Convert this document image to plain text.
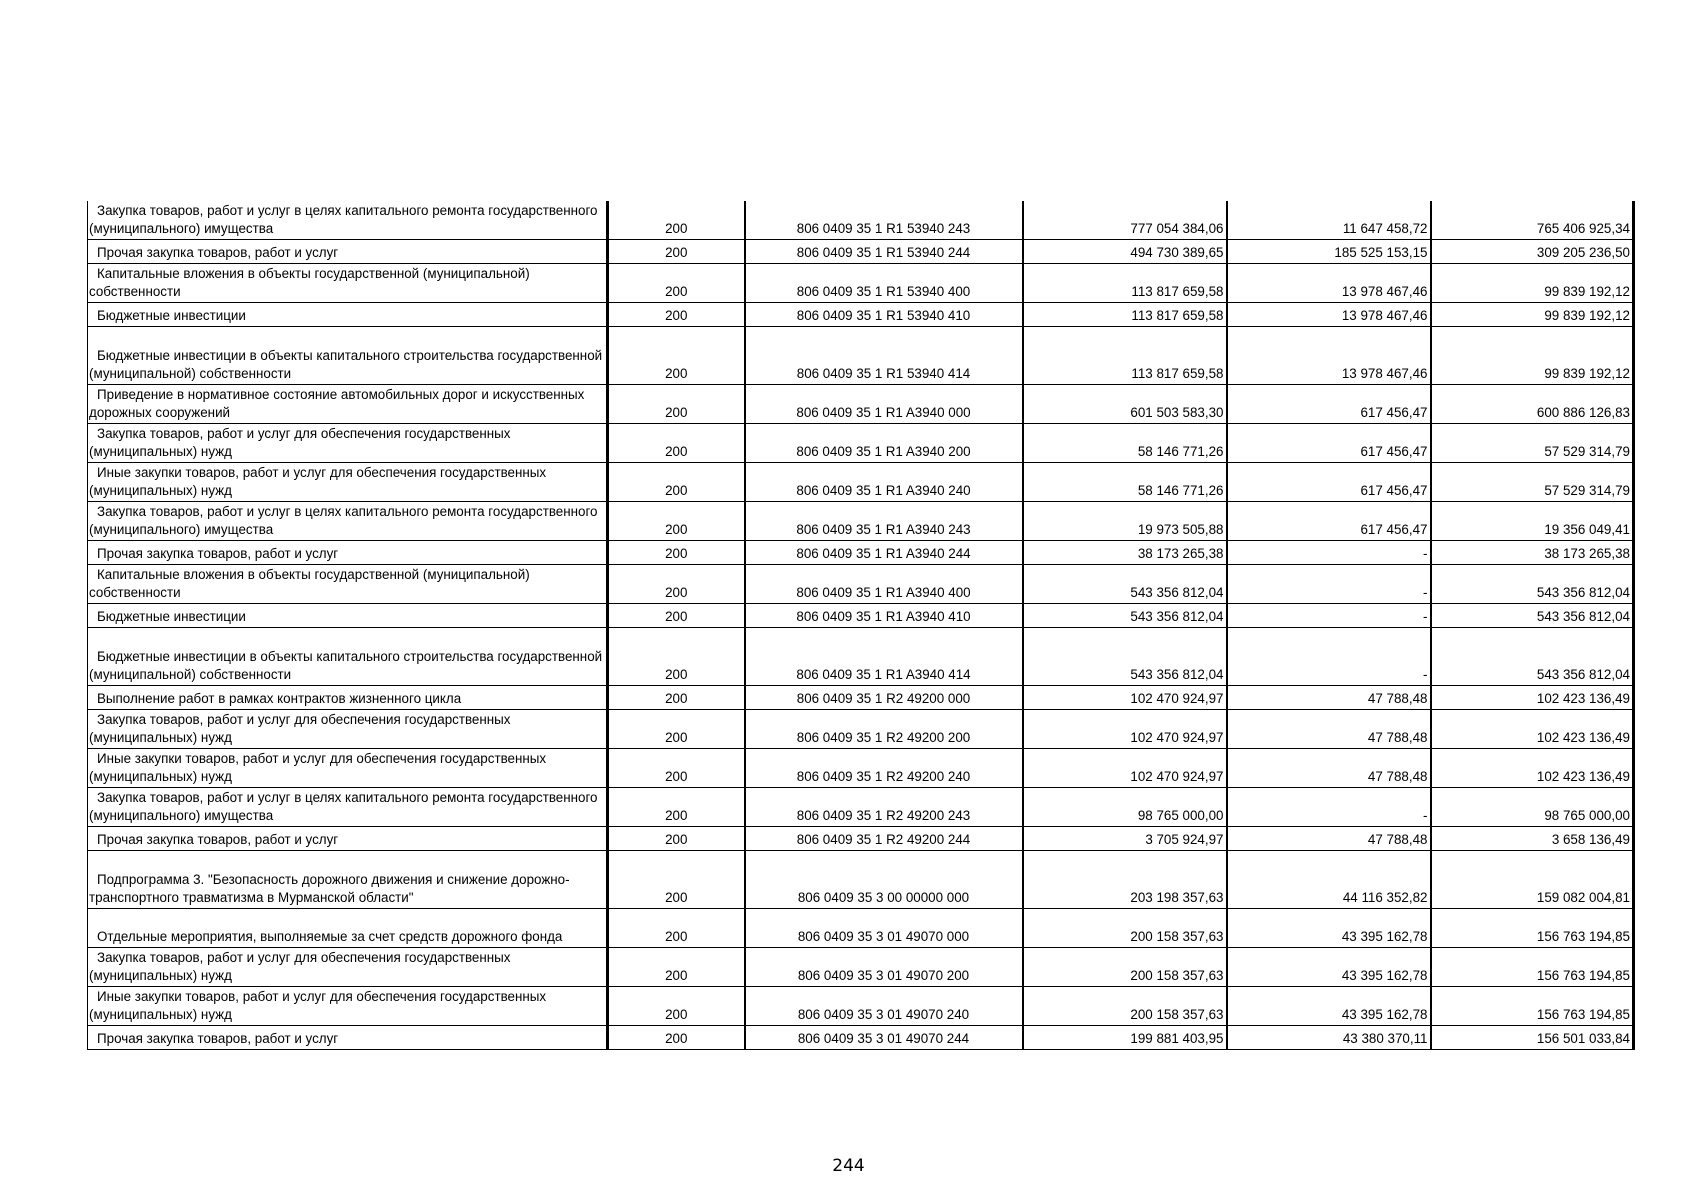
Закупка товаров, работ и услуг в целях капитального ремонта государственного (муниципального) имущества	200	806 0409 35 1 R1 53940 243	777 054 384,06	11 647 458,72	765 406 925,34

Прочая закупка товаров, работ и услуг	200	806 0409 35 1 R1 53940 244	494 730 389,65	185 525 153,15	309 205 236,50

Капитальные вложения в объекты государственной (муниципальной) собственности	200	806 0409 35 1 R1 53940 400	113 817 659,58	13 978 467,46	99 839 192,12

Бюджетные инвестиции	200	806 0409 35 1 R1 53940 410	113 817 659,58	13 978 467,46	99 839 192,12

Бюджетные инвестиции в объекты капитального строительства государственной (муниципальной) собственности	200	806 0409 35 1 R1 53940 414	113 817 659,58	13 978 467,46	99 839 192,12

Приведение в нормативное состояние автомобильных дорог и искусственных дорожных сооружений	200	806 0409 35 1 R1 A3940 000	601 503 583,30	617 456,47	600 886 126,83

Закупка товаров, работ и услуг для обеспечения государственных (муниципальных) нужд	200	806 0409 35 1 R1 A3940 200	58 146 771,26	617 456,47	57 529 314,79

Иные закупки товаров, работ и услуг для обеспечения государственных (муниципальных) нужд	200	806 0409 35 1 R1 A3940 240	58 146 771,26	617 456,47	57 529 314,79

Закупка товаров, работ и услуг в целях капитального ремонта государственного (муниципального) имущества	200	806 0409 35 1 R1 A3940 243	19 973 505,88	617 456,47	19 356 049,41

Прочая закупка товаров, работ и услуг	200	806 0409 35 1 R1 A3940 244	38 173 265,38	-	38 173 265,38

Капитальные вложения в объекты государственной (муниципальной) собственности	200	806 0409 35 1 R1 A3940 400	543 356 812,04	-	543 356 812,04

Бюджетные инвестиции	200	806 0409 35 1 R1 A3940 410	543 356 812,04	-	543 356 812,04

Бюджетные инвестиции в объекты капитального строительства государственной (муниципальной) собственности	200	806 0409 35 1 R1 A3940 414	543 356 812,04	-	543 356 812,04

Выполнение работ в рамках контрактов жизненного цикла	200	806 0409 35 1 R2 49200 000	102 470 924,97	47 788,48	102 423 136,49

Закупка товаров, работ и услуг для обеспечения государственных (муниципальных) нужд	200	806 0409 35 1 R2 49200 200	102 470 924,97	47 788,48	102 423 136,49

Иные закупки товаров, работ и услуг для обеспечения государственных (муниципальных) нужд	200	806 0409 35 1 R2 49200 240	102 470 924,97	47 788,48	102 423 136,49

Закупка товаров, работ и услуг в целях капитального ремонта государственного (муниципального) имущества	200	806 0409 35 1 R2 49200 243	98 765 000,00	-	98 765 000,00

Прочая закупка товаров, работ и услуг	200	806 0409 35 1 R2 49200 244	3 705 924,97	47 788,48	3 658 136,49

Подпрограмма 3. "Безопасность дорожного движения и снижение дорожно-транспортного травматизма в Мурманской области"	200	806 0409 35 3 00 00000 000	203 198 357,63	44 116 352,82	159 082 004,81

Отдельные мероприятия, выполняемые за счет средств дорожного фонда	200	806 0409 35 3 01 49070 000	200 158 357,63	43 395 162,78	156 763 194,85

Закупка товаров, работ и услуг для обеспечения государственных (муниципальных) нужд	200	806 0409 35 3 01 49070 200	200 158 357,63	43 395 162,78	156 763 194,85

Иные закупки товаров, работ и услуг для обеспечения государственных (муниципальных) нужд	200	806 0409 35 3 01 49070 240	200 158 357,63	43 395 162,78	156 763 194,85

Прочая закупка товаров, работ и услуг	200	806 0409 35 3 01 49070 244	199 881 403,95	43 380 370,11	156 501 033,84
244
